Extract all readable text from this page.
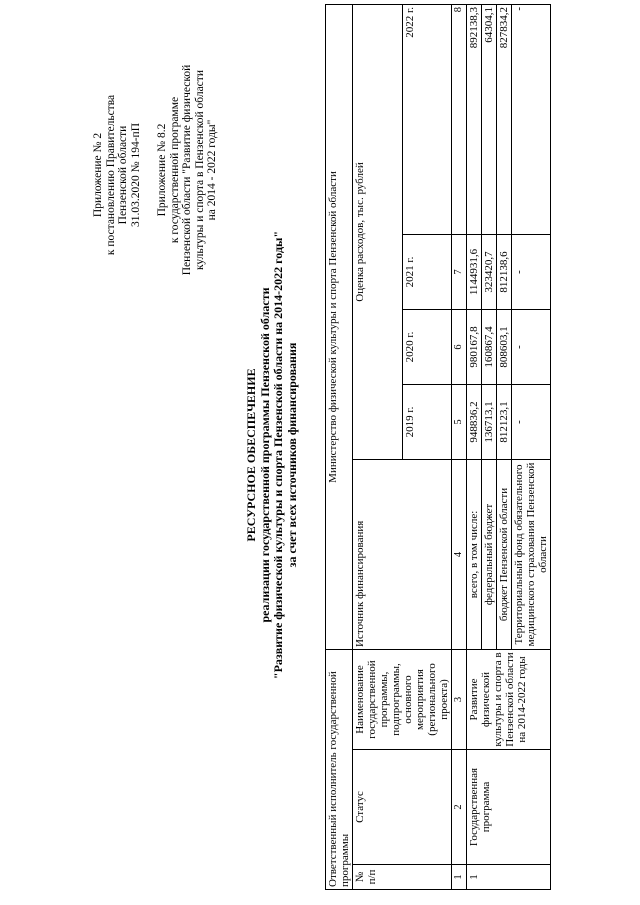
Приложение № 2 к постановлению Правительства Пензенской области 31.03.2020 № 194-пП Приложение № 8.2 к государственной программе Пензенской области "Развитие физической культуры и спорта в Пензенской области на 2014 - 2022 годы"
РЕСУРСНОЕ ОБЕСПЕЧЕНИЕ реализации государственной программы Пензенской области "Развитие физической культуры и спорта Пензенской области на 2014-2022 годы" за счет всех источников финансирования
Ответственный исполнитель государственной программы			Министерство физической культуры и спорта Пензенской области				
№ п/п	Статус	Наименование государственной программы, подпрограммы, основного мероприятия (регионального проекта)	Источник финансирования	Оценка расходов, тыс. рублей			
				2019 г.	2020 г.	2021 г.	2022 г.
1	2	3	4	5	6	7	8
1	Государственная программа	Развитие физической культуры и спорта в Пензенской области на 2014-2022 годы	всего, в том числе:	948836,2	980167,8	1144931,6	892138,3
			федеральный бюджет	136713,1	160867,4	323420,7	64304,1
			бюджет Пензенской области	812123,1	808603,1	812138,6	827834,2
			Территориальный фонд обязательного медицинского страхования Пензенской области	-	-	-	-
